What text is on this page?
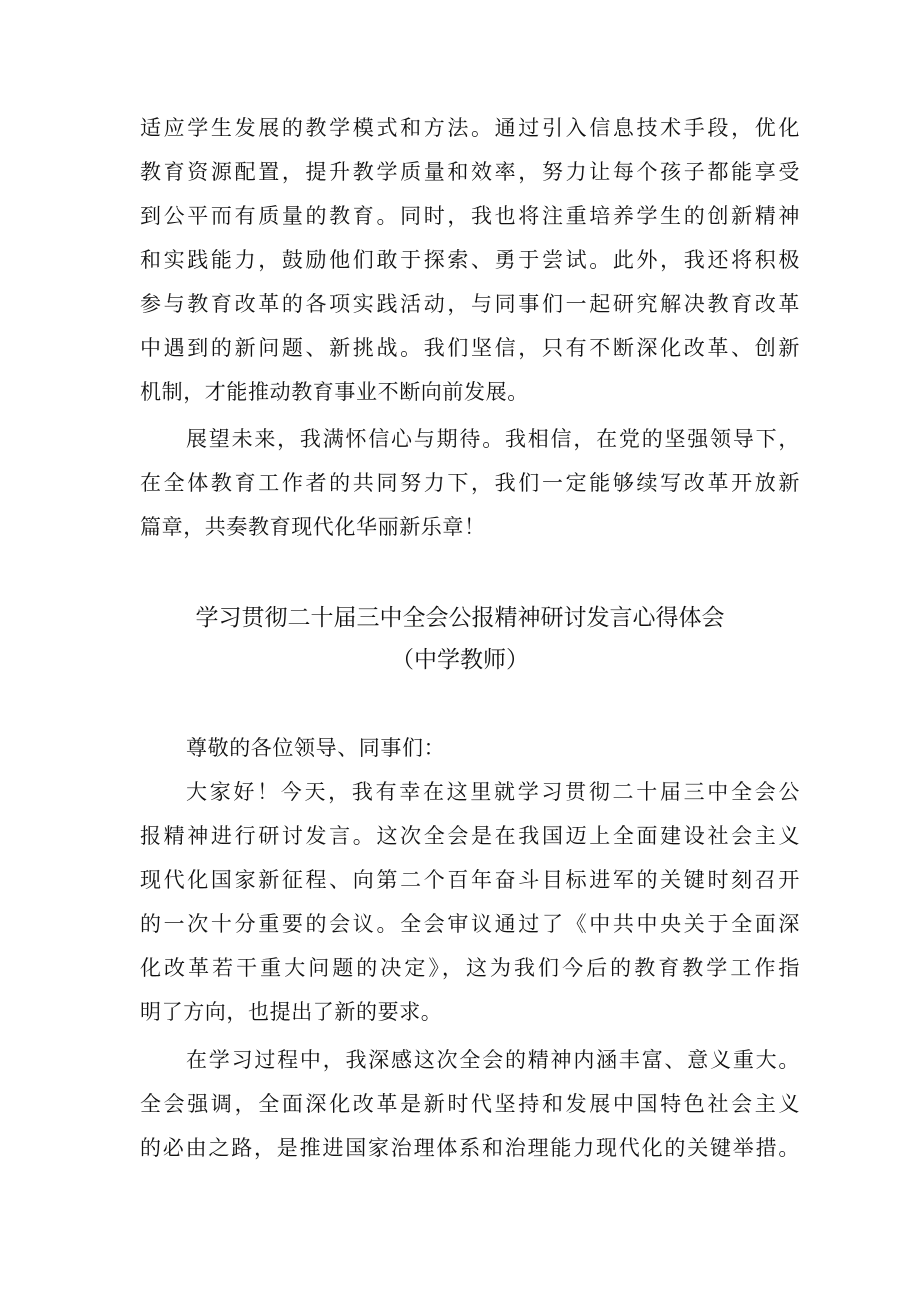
适应学生发展的教学模式和方法。通过引入信息技术手段，优化
教育资源配置，提升教学质量和效率，努力让每个孩子都能享受
到公平而有质量的教育。同时，我也将注重培养学生的创新精神
和实践能力，鼓励他们敢于探索、勇于尝试。此外，我还将积极
参与教育改革的各项实践活动，与同事们一起研究解决教育改革
中遇到的新问题、新挑战。我们坚信，只有不断深化改革、创新
机制，才能推动教育事业不断向前发展。
展望未来，我满怀信心与期待。我相信，在党的坚强领导下，
在全体教育工作者的共同努力下，我们一定能够续写改革开放新
篇章，共奏教育现代化华丽新乐章！
学习贯彻二十届三中全会公报精神研讨发言心得体会
（中学教师）
尊敬的各位领导、同事们：
大家好！今天，我有幸在这里就学习贯彻二十届三中全会公
报精神进行研讨发言。这次全会是在我国迈上全面建设社会主义
现代化国家新征程、向第二个百年奋斗目标进军的关键时刻召开
的一次十分重要的会议。全会审议通过了《中共中央关于全面深
化改革若干重大问题的决定》，这为我们今后的教育教学工作指
明了方向，也提出了新的要求。
在学习过程中，我深感这次全会的精神内涵丰富、意义重大。
全会强调，全面深化改革是新时代坚持和发展中国特色社会主义
的必由之路，是推进国家治理体系和治理能力现代化的关键举措。
